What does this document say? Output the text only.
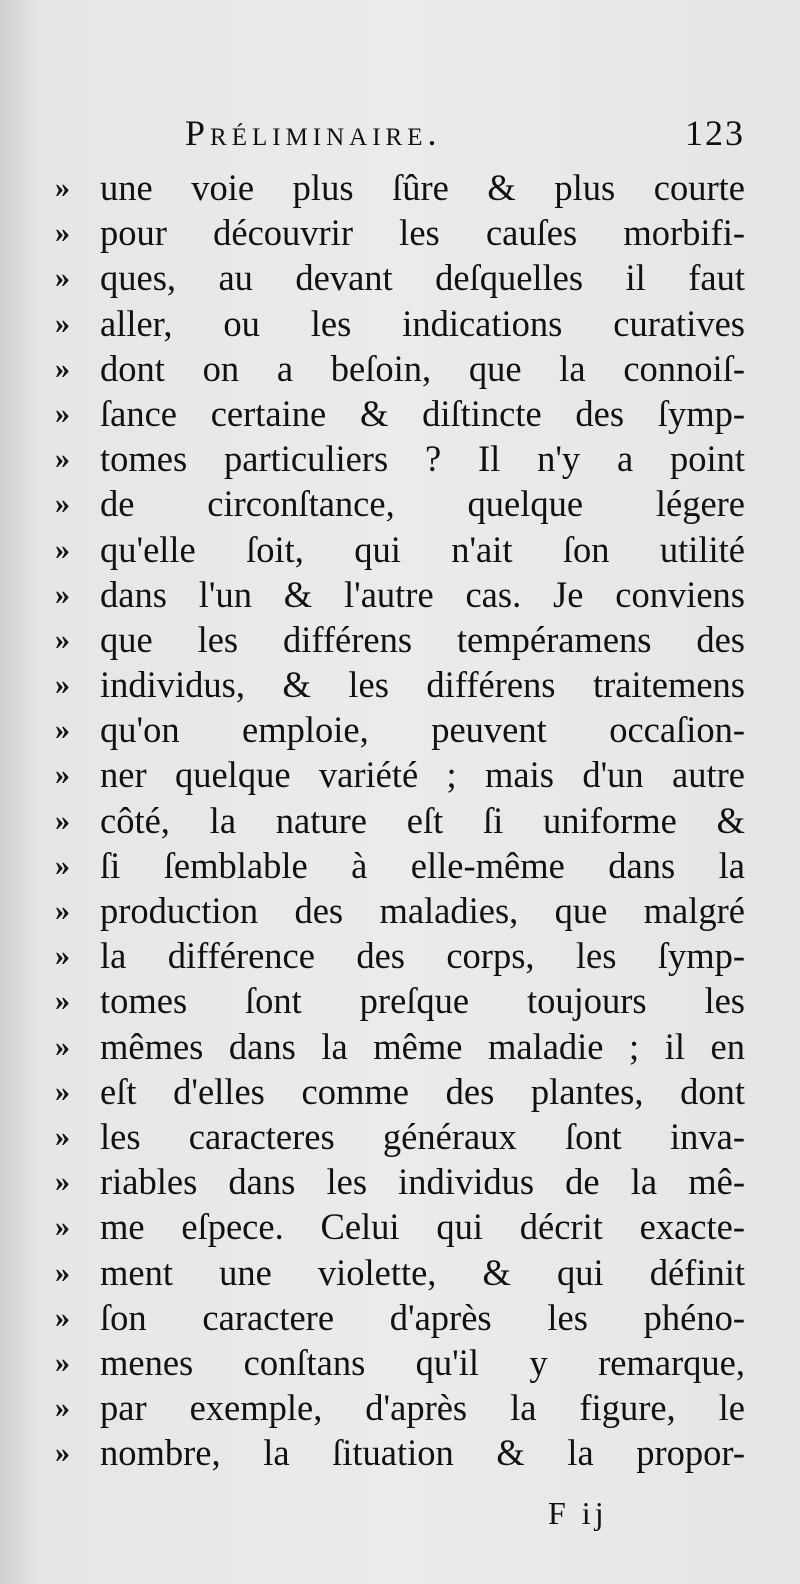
Préliminaire.	123
» une voie plus ſûre & plus courte
» pour découvrir les cauſes morbifi-
» ques, au devant deſquelles il faut
» aller, ou les indications curatives
» dont on a beſoin, que la connoiſ-
» ſance certaine & diſtincte des ſymp-
» tomes particuliers ? Il n'y a point
» de circonſtance, quelque légere
» qu'elle ſoit, qui n'ait ſon utilité
» dans l'un & l'autre cas. Je conviens
» que les différens tempéramens des
» individus, & les différens traitemens
» qu'on emploie, peuvent occaſion-
» ner quelque variété ; mais d'un autre
» côté, la nature eſt ſi uniforme &
» ſi ſemblable à elle-même dans la
» production des maladies, que malgré
» la différence des corps, les ſymp-
» tomes ſont preſque toujours les
» mêmes dans la même maladie ; il en
» eſt d'elles comme des plantes, dont
» les caracteres généraux ſont inva-
» riables dans les individus de la mê-
» me eſpece. Celui qui décrit exacte-
» ment une violette, & qui définit
» ſon caractere d'après les phéno-
» menes conſtans qu'il y remarque,
» par exemple, d'après la figure, le
» nombre, la ſituation & la propor-
F ij
